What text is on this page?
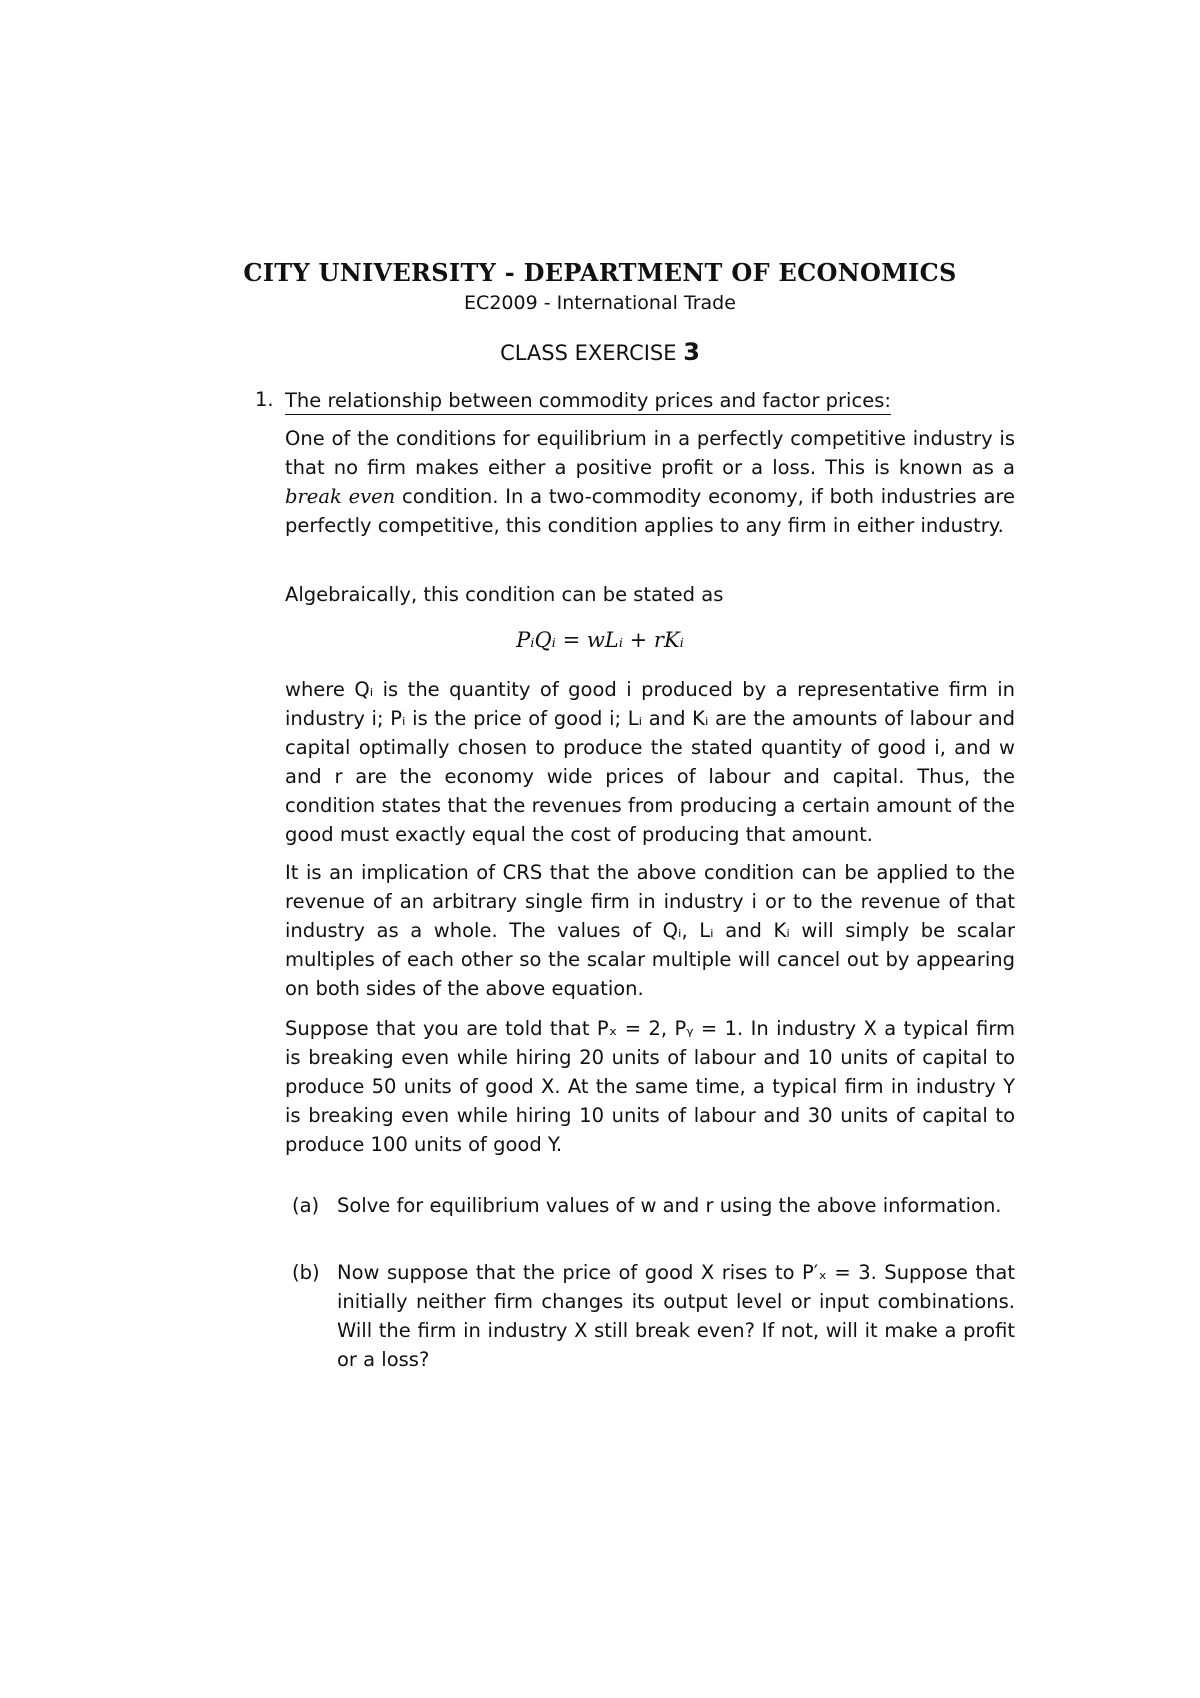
CITY UNIVERSITY - DEPARTMENT OF ECONOMICS
EC2009 - International Trade
CLASS EXERCISE 3
1. The relationship between commodity prices and factor prices:
One of the conditions for equilibrium in a perfectly competitive industry is that no firm makes either a positive profit or a loss. This is known as a break even condition. In a two-commodity economy, if both industries are perfectly competitive, this condition applies to any firm in either industry.
Algebraically, this condition can be stated as
PᵢQᵢ = wLᵢ + rKᵢ
where Qᵢ is the quantity of good i produced by a representative firm in industry i; Pᵢ is the price of good i; Lᵢ and Kᵢ are the amounts of labour and capital optimally chosen to produce the stated quantity of good i, and w and r are the economy wide prices of labour and capital. Thus, the condition states that the revenues from producing a certain amount of the good must exactly equal the cost of producing that amount.
It is an implication of CRS that the above condition can be applied to the revenue of an arbitrary single firm in industry i or to the revenue of that industry as a whole. The values of Qᵢ, Lᵢ and Kᵢ will simply be scalar multiples of each other so the scalar multiple will cancel out by appearing on both sides of the above equation.
Suppose that you are told that Pₓ = 2, Pᵧ = 1. In industry X a typical firm is breaking even while hiring 20 units of labour and 10 units of capital to produce 50 units of good X. At the same time, a typical firm in industry Y is breaking even while hiring 10 units of labour and 30 units of capital to produce 100 units of good Y.
(a) Solve for equilibrium values of w and r using the above information.
(b) Now suppose that the price of good X rises to P′ₓ = 3. Suppose that initially neither firm changes its output level or input combinations. Will the firm in industry X still break even? If not, will it make a profit or a loss?
